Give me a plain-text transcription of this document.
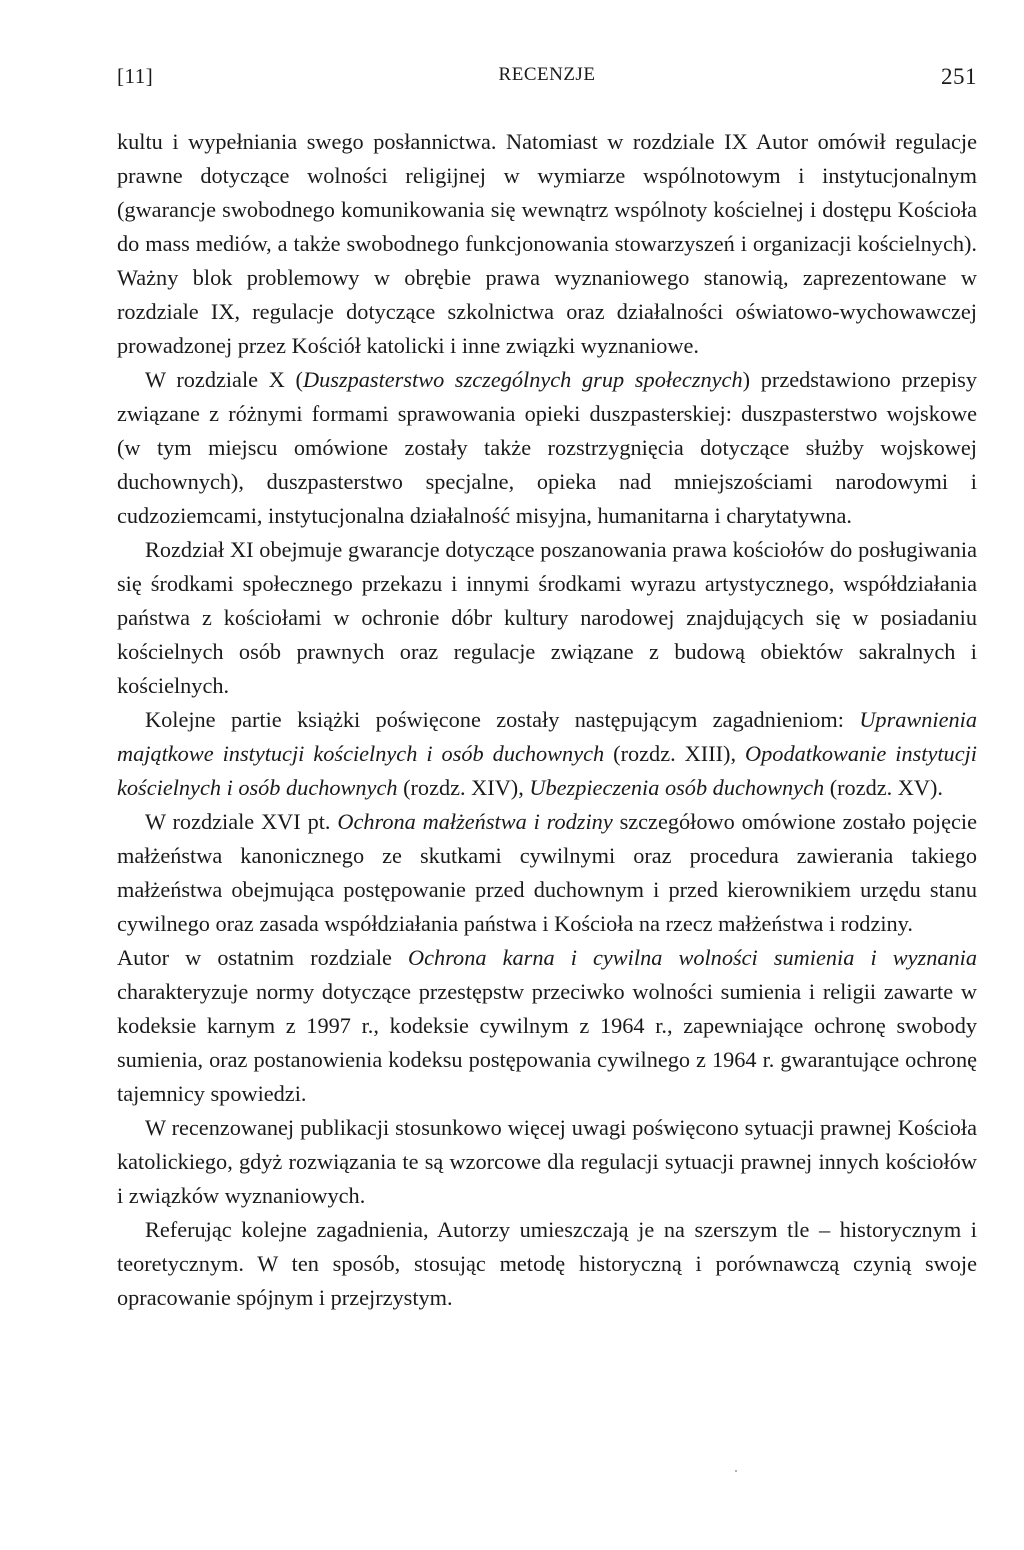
[11]	RECENZJE	251

kultu i wypełniania swego posłannictwa. Natomiast w rozdziale IX Autor omówił regulacje prawne dotyczące wolności religijnej w wymiarze wspólnotowym i instytucjonalnym (gwarancje swobodnego komunikowania się wewnątrz wspólnoty kościelnej i dostępu Kościoła do mass mediów, a także swobodnego funkcjonowania stowarzyszeń i organizacji kościelnych). Ważny blok problemowy w obrębie prawa wyznaniowego stanowią, zaprezentowane w rozdziale IX, regulacje dotyczące szkolnictwa oraz działalności oświatowo-wychowawczej prowadzonej przez Kościół katolicki i inne związki wyznaniowe.

W rozdziale X (Duszpasterstwo szczególnych grup społecznych) przedstawiono przepisy związane z różnymi formami sprawowania opieki duszpasterskiej: duszpasterstwo wojskowe (w tym miejscu omówione zostały także rozstrzygnięcia dotyczące służby wojskowej duchownych), duszpasterstwo specjalne, opieka nad mniejszościami narodowymi i cudzoziemcami, instytucjonalna działalność misyjna, humanitarna i charytatywna.

Rozdział XI obejmuje gwarancje dotyczące poszanowania prawa kościołów do posługiwania się środkami społecznego przekazu i innymi środkami wyrazu artystycznego, współdziałania państwa z kościołami w ochronie dóbr kultury narodowej znajdujących się w posiadaniu kościelnych osób prawnych oraz regulacje związane z budową obiektów sakralnych i kościelnych.

Kolejne partie książki poświęcone zostały następującym zagadnieniom: Uprawnienia majątkowe instytucji kościelnych i osób duchownych (rozdz. XIII), Opodatkowanie instytucji kościelnych i osób duchownych (rozdz. XIV), Ubezpieczenia osób duchownych (rozdz. XV).

W rozdziale XVI pt. Ochrona małżeństwa i rodziny szczegółowo omówione zostało pojęcie małżeństwa kanonicznego ze skutkami cywilnymi oraz procedura zawierania takiego małżeństwa obejmująca postępowanie przed duchownym i przed kierownikiem urzędu stanu cywilnego oraz zasada współdziałania państwa i Kościoła na rzecz małżeństwa i rodziny.

Autor w ostatnim rozdziale Ochrona karna i cywilna wolności sumienia i wyznania charakteryzuje normy dotyczące przestępstw przeciwko wolności sumienia i religii zawarte w kodeksie karnym z 1997 r., kodeksie cywilnym z 1964 r., zapewniające ochronę swobody sumienia, oraz postanowienia kodeksu postępowania cywilnego z 1964 r. gwarantujące ochronę tajemnicy spowiedzi.

W recenzowanej publikacji stosunkowo więcej uwagi poświęcono sytuacji prawnej Kościoła katolickiego, gdyż rozwiązania te są wzorcowe dla regulacji sytuacji prawnej innych kościołów i związków wyznaniowych.

Referując kolejne zagadnienia, Autorzy umieszczają je na szerszym tle – historycznym i teoretycznym. W ten sposób, stosując metodę historyczną i porównawczą czynią swoje opracowanie spójnym i przejrzystym.
